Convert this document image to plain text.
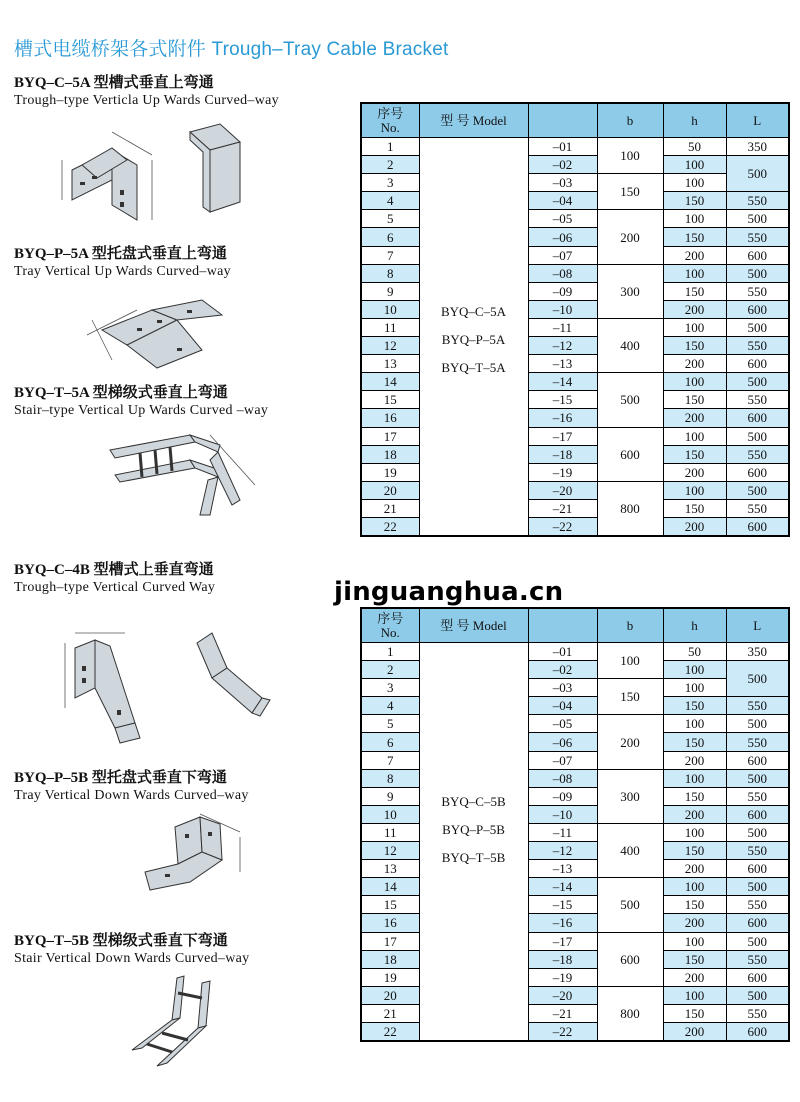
槽式电缆桥架各式附件 Trough–Tray Cable Bracket
BYQ–C–5A 型槽式垂直上弯通
Trough–type Verticla Up Wards Curved–way
BYQ–P–5A 型托盘式垂直上弯通
Tray Vertical Up Wards Curved–way
BYQ–T–5A 型梯级式垂直上弯通
Stair–type Vertical Up Wards Curved –way
BYQ–C–4B 型槽式上垂直弯通
Trough–type Vertical Curved Way
BYQ–P–5B 型托盘式垂直下弯通
Tray Vertical Down Wards Curved–way
BYQ–T–5B 型梯级式垂直下弯通
Stair Vertical Down Wards Curved–way
jinguanghua.cn
序号
No.	型 号 Model		b	h	L
1	BYQ–C–5A
BYQ–P–5A
BYQ–T–5A	–01	100	50	350
2		–02		100	500
3		–03	150	100	
4		–04		150	550
5		–05	200	100	500
6		–06		150	550
7		–07		200	600
8		–08	300	100	500
9		–09		150	550
10		–10		200	600
11		–11	400	100	500
12		–12		150	550
13		–13		200	600
14		–14	500	100	500
15		–15		150	550
16		–16		200	600
17		–17	600	100	500
18		–18		150	550
19		–19		200	600
20		–20	800	100	500
21		–21		150	550
22		–22		200	600
序号
No.	型 号 Model		b	h	L
1	BYQ–C–5B
BYQ–P–5B
BYQ–T–5B	–01	100	50	350
2		–02		100	500
3		–03	150	100	
4		–04		150	550
5		–05	200	100	500
6		–06		150	550
7		–07		200	600
8		–08	300	100	500
9		–09		150	550
10		–10		200	600
11		–11	400	100	500
12		–12		150	550
13		–13		200	600
14		–14	500	100	500
15		–15		150	550
16		–16		200	600
17		–17	600	100	500
18		–18		150	550
19		–19		200	600
20		–20	800	100	500
21		–21		150	550
22		–22		200	600
